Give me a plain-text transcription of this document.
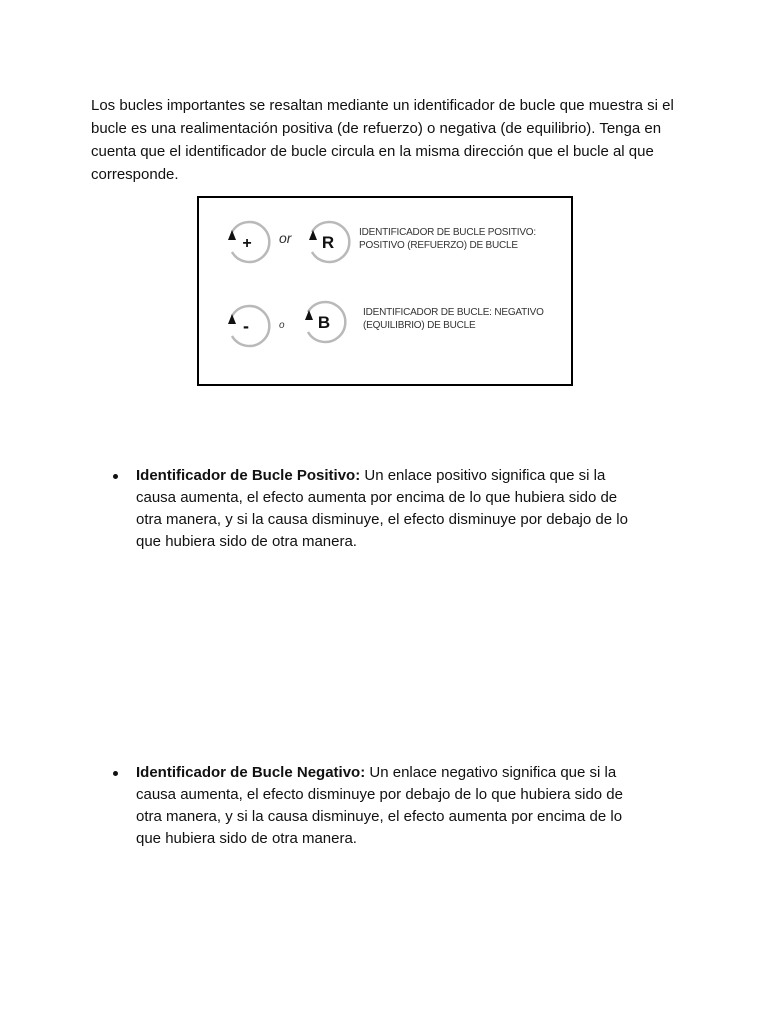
Los bucles importantes se resaltan mediante un identificador de bucle que muestra si el bucle es una realimentación positiva (de refuerzo) o negativa (de equilibrio). Tenga en cuenta que el identificador de bucle circula en la misma dirección que el bucle al que corresponde.

+ or R

IDENTIFICADOR DE BUCLE POSITIVO:
POSITIVO (REFUERZO) DE BUCLE

-	o B

IDENTIFICADOR DE BUCLE: NEGATIVO
(EQUILIBRIO) DE BUCLE

Identificador de Bucle Positivo: Un enlace positivo significa que si la causa aumenta, el efecto aumenta por encima de lo que hubiera sido de otra manera, y si la causa disminuye, el efecto disminuye por debajo de lo que hubiera sido de otra manera.
Identificador de Bucle Negativo: Un enlace negativo significa que si la causa aumenta, el efecto disminuye por debajo de lo que hubiera sido de otra manera, y si la causa disminuye, el efecto aumenta por encima de lo que hubiera sido de otra manera.
